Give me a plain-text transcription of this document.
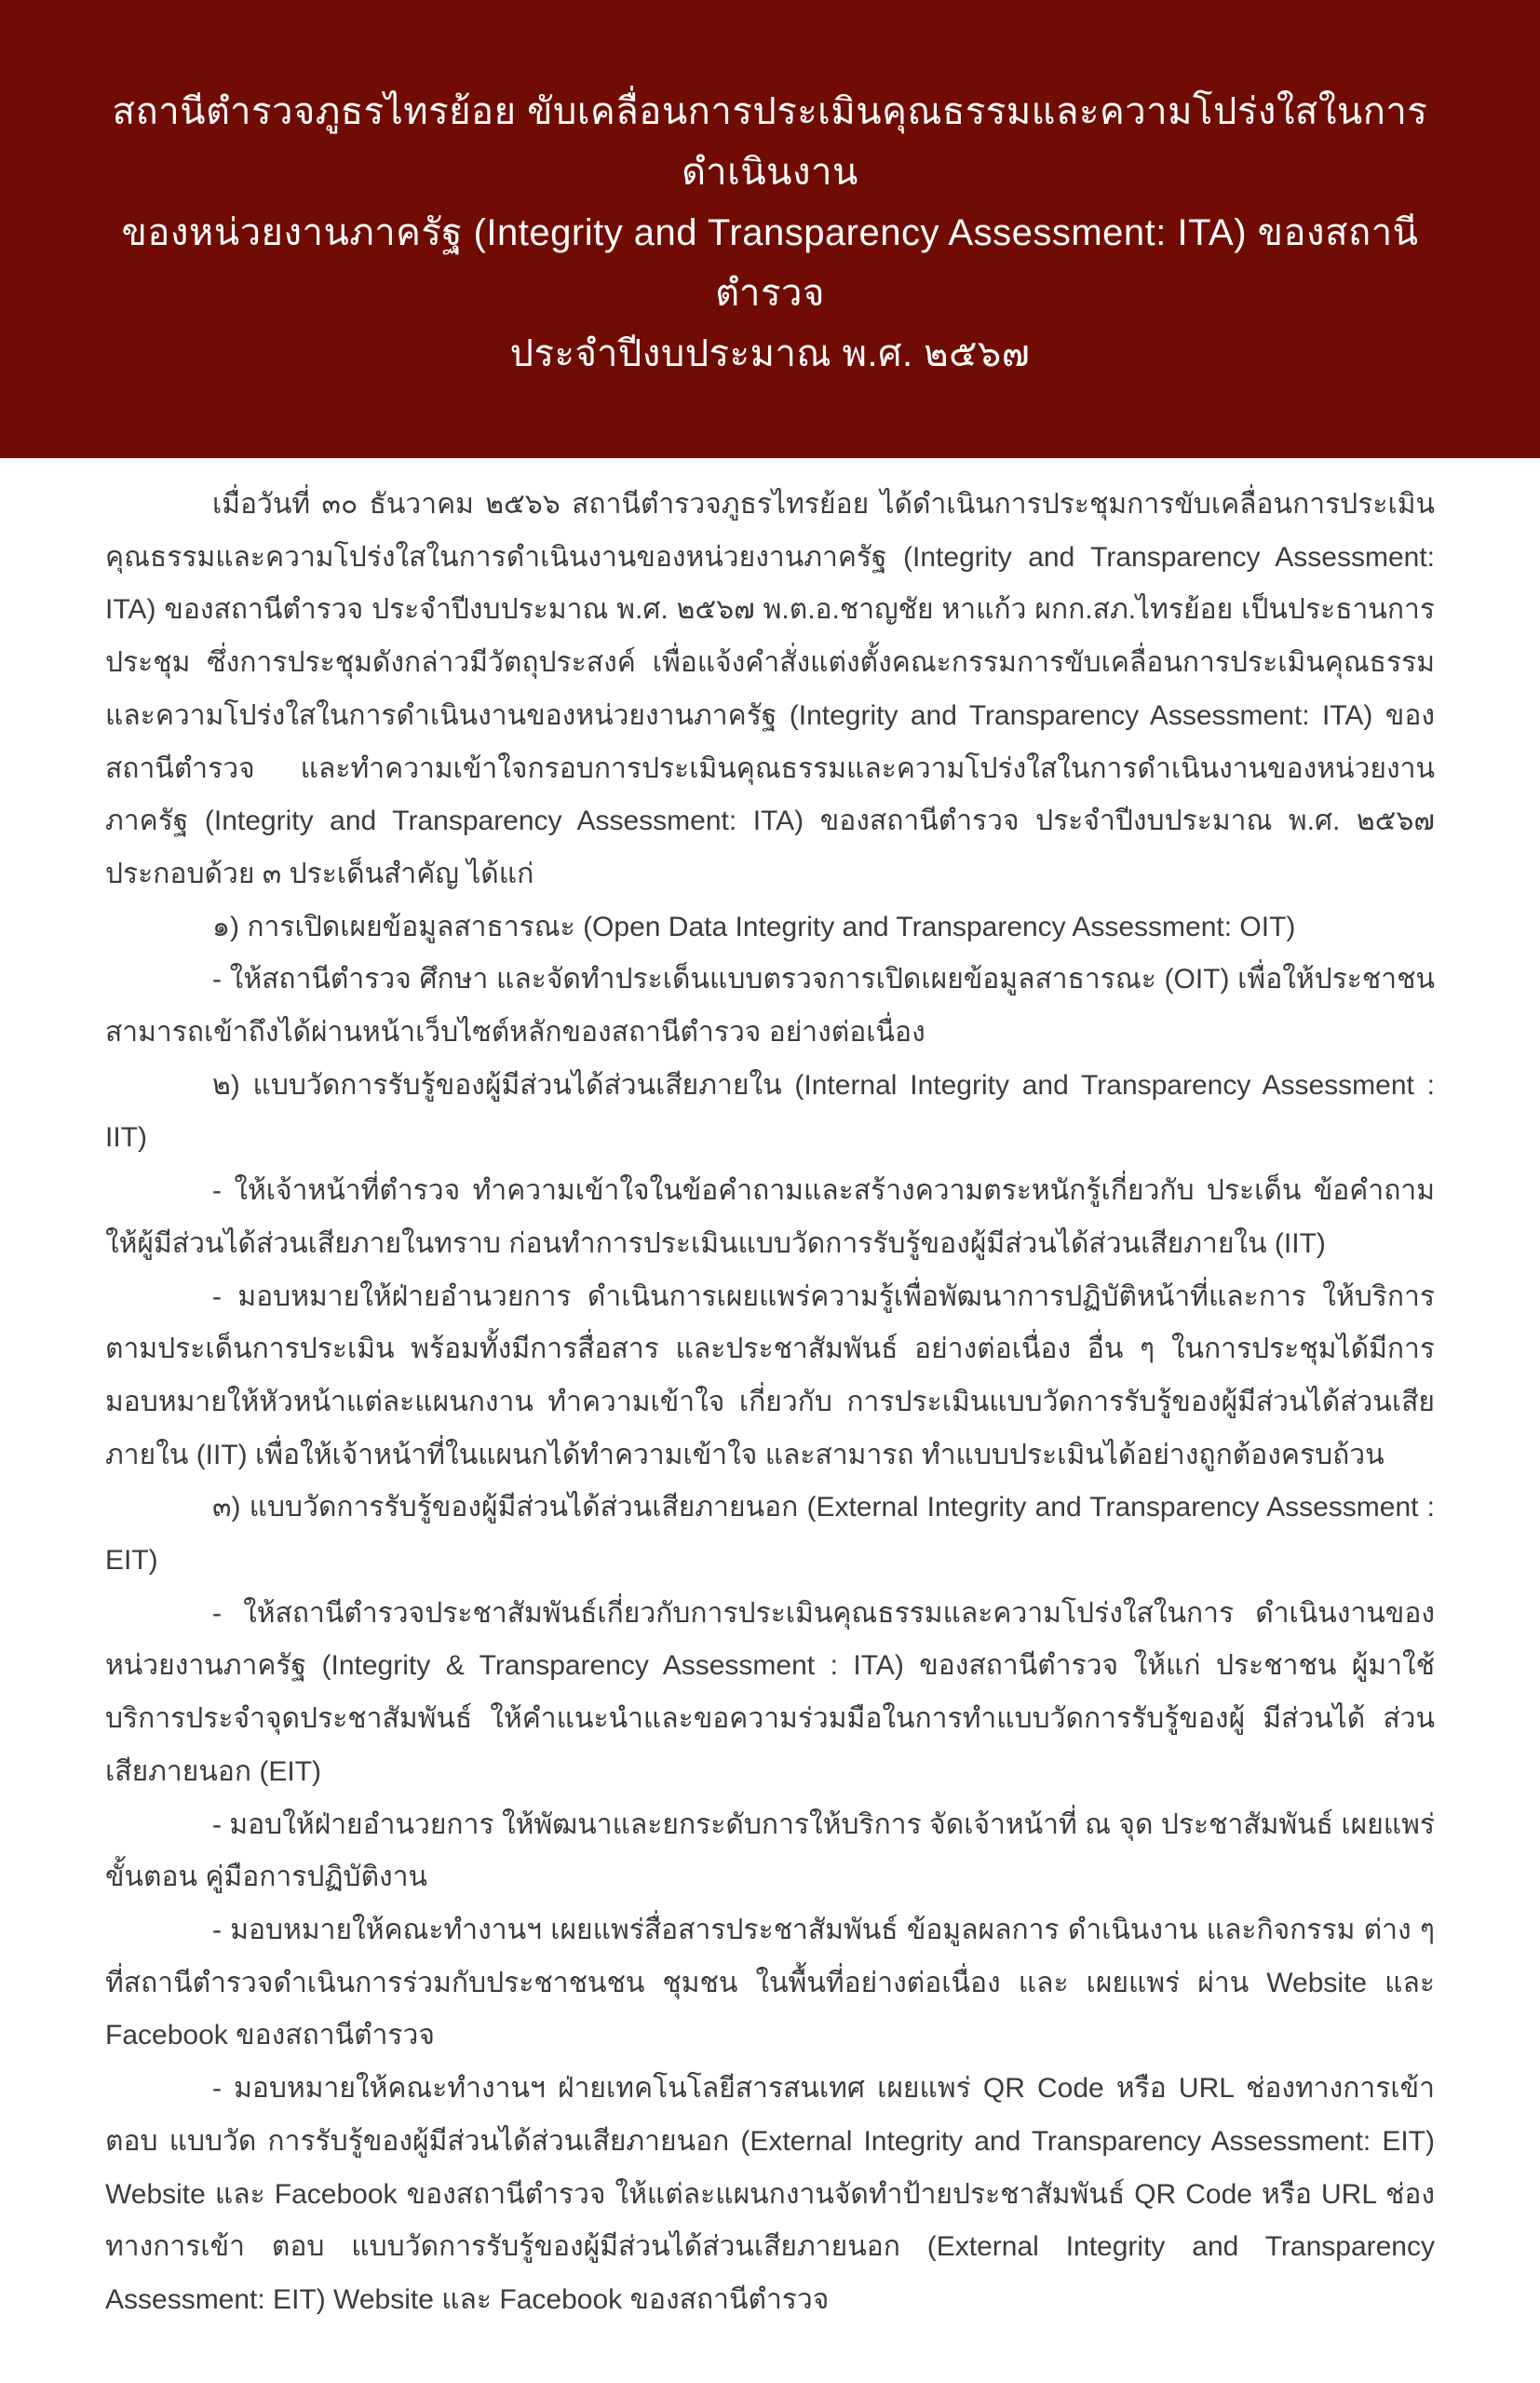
สถานีตำรวจภูธรไทรย้อย ขับเคลื่อนการประเมินคุณธรรมและความโปร่งใสในการดำเนินงาน
ของหน่วยงานภาครัฐ (Integrity and Transparency Assessment: ITA) ของสถานีตำรวจ
ประจำปีงบประมาณ พ.ศ. ๒๕๖๗

เมื่อวันที่ ๓๐ ธันวาคม ๒๕๖๖ สถานีตำรวจภูธรไทรย้อย ได้ดำเนินการประชุมการขับเคลื่อนการประเมินคุณธรรมและความโปร่งใสในการดำเนินงานของหน่วยงานภาครัฐ (Integrity and Transparency Assessment: ITA) ของสถานีตำรวจ ประจำปีงบประมาณ พ.ศ. ๒๕๖๗ พ.ต.อ.ชาญชัย หาแก้ว ผกก.สภ.ไทรย้อย เป็นประธานการประชุม ซึ่งการประชุมดังกล่าวมีวัตถุประสงค์ เพื่อแจ้งคำสั่งแต่งตั้งคณะกรรมการขับเคลื่อนการประเมินคุณธรรมและความโปร่งใสในการดำเนินงานของหน่วยงานภาครัฐ (Integrity and Transparency Assessment: ITA) ของสถานีตำรวจ และทำความเข้าใจกรอบการประเมินคุณธรรมและความโปร่งใสในการดำเนินงานของหน่วยงานภาครัฐ (Integrity and Transparency Assessment: ITA) ของสถานีตำรวจ ประจำปีงบประมาณ พ.ศ. ๒๕๖๗ ประกอบด้วย ๓ ประเด็นสำคัญ ได้แก่

๑) การเปิดเผยข้อมูลสาธารณะ (Open Data Integrity and Transparency Assessment: OIT)

- ให้สถานีตำรวจ ศึกษา และจัดทำประเด็นแบบตรวจการเปิดเผยข้อมูลสาธารณะ (OIT) เพื่อให้ประชาชนสามารถเข้าถึงได้ผ่านหน้าเว็บไซต์หลักของสถานีตำรวจ อย่างต่อเนื่อง

๒) แบบวัดการรับรู้ของผู้มีส่วนได้ส่วนเสียภายใน (Internal Integrity and Transparency Assessment : IIT)

- ให้เจ้าหน้าที่ตำรวจ ทำความเข้าใจในข้อคำถามและสร้างความตระหนักรู้เกี่ยวกับ ประเด็น ข้อคำถามให้ผู้มีส่วนได้ส่วนเสียภายในทราบ ก่อนทำการประเมินแบบวัดการรับรู้ของผู้มีส่วนได้ส่วนเสียภายใน (IIT)

- มอบหมายให้ฝ่ายอำนวยการ ดำเนินการเผยแพร่ความรู้เพื่อพัฒนาการปฏิบัติหน้าที่และการ ให้บริการตามประเด็นการประเมิน พร้อมทั้งมีการสื่อสาร และประชาสัมพันธ์ อย่างต่อเนื่อง อื่น ๆ ในการประชุมได้มีการมอบหมายให้หัวหน้าแต่ละแผนกงาน ทำความเข้าใจ เกี่ยวกับ การประเมินแบบวัดการรับรู้ของผู้มีส่วนได้ส่วนเสียภายใน (IIT) เพื่อให้เจ้าหน้าที่ในแผนกได้ทำความเข้าใจ และสามารถ ทำแบบประเมินได้อย่างถูกต้องครบถ้วน

๓) แบบวัดการรับรู้ของผู้มีส่วนได้ส่วนเสียภายนอก (External Integrity and Transparency Assessment : EIT)

- ให้สถานีตำรวจประชาสัมพันธ์เกี่ยวกับการประเมินคุณธรรมและความโปร่งใสในการ ดำเนินงานของหน่วยงานภาครัฐ (Integrity & Transparency Assessment : ITA) ของสถานีตำรวจ ให้แก่ ประชาชน ผู้มาใช้บริการประจำจุดประชาสัมพันธ์ ให้คำแนะนำและขอความร่วมมือในการทำแบบวัดการรับรู้ของผู้ มีส่วนได้ ส่วน เสียภายนอก (EIT)

- มอบให้ฝ่ายอำนวยการ ให้พัฒนาและยกระดับการให้บริการ จัดเจ้าหน้าที่ ณ จุด ประชาสัมพันธ์ เผยแพร่ขั้นตอน คู่มือการปฏิบัติงาน

- มอบหมายให้คณะทำงานฯ เผยแพร่สื่อสารประชาสัมพันธ์ ข้อมูลผลการ ดำเนินงาน และกิจกรรม ต่าง ๆ ที่สถานีตำรวจดำเนินการร่วมกับประชาชนชน ชุมชน ในพื้นที่อย่างต่อเนื่อง และ เผยแพร่ ผ่าน Website และ Facebook ของสถานีตำรวจ

- มอบหมายให้คณะทำงานฯ ฝ่ายเทคโนโลยีสารสนเทศ เผยแพร่ QR Code หรือ URL ช่องทางการเข้าตอบ แบบวัด การรับรู้ของผู้มีส่วนได้ส่วนเสียภายนอก (External Integrity and Transparency Assessment: EIT) Website และ Facebook ของสถานีตำรวจ ให้แต่ละแผนกงานจัดทำป้ายประชาสัมพันธ์ QR Code หรือ URL ช่องทางการเข้า ตอบ แบบวัดการรับรู้ของผู้มีส่วนได้ส่วนเสียภายนอก (External Integrity and Transparency Assessment: EIT) Website และ Facebook ของสถานีตำรวจ
